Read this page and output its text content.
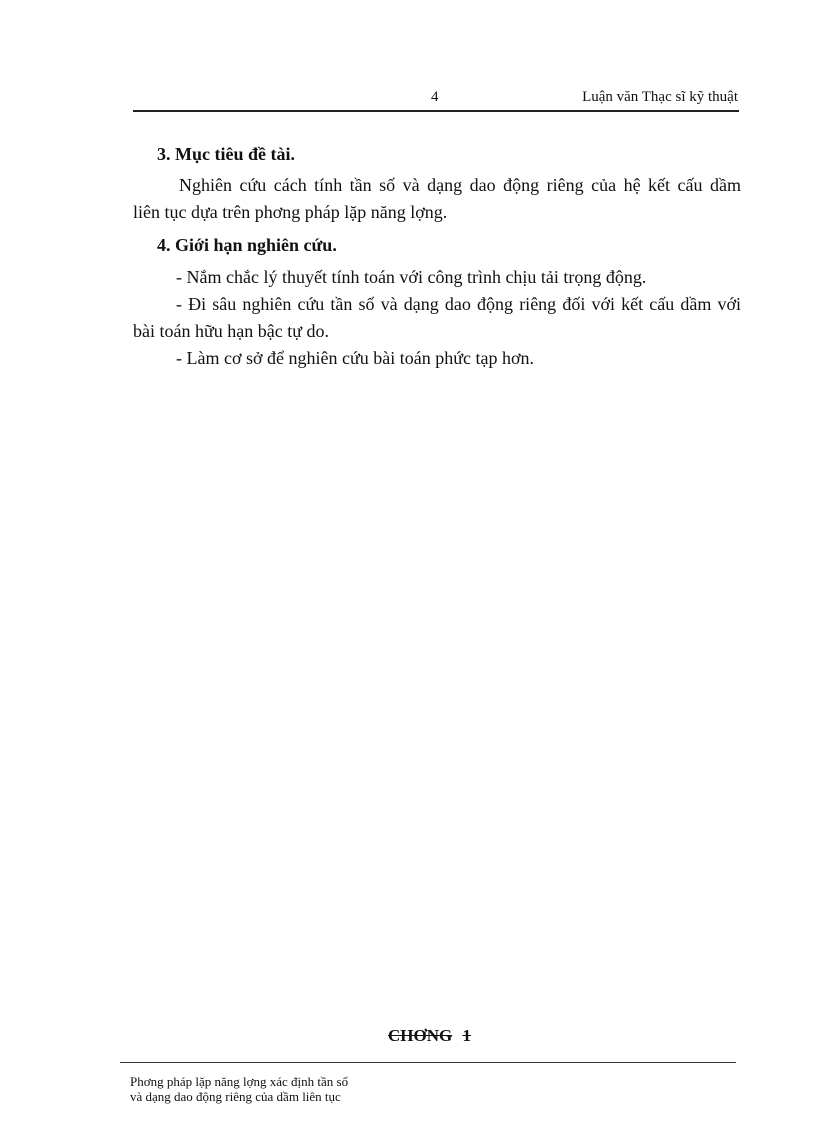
4	Luận văn Thạc sĩ kỹ thuật
3. Mục tiêu đề tài.
Nghiên cứu cách tính tần số và dạng dao động riêng của hệ kết cấu dầm
liên tục dựa trên phơng pháp lặp năng lợng.
4. Giới hạn nghiên cứu.
- Nắm chắc lý thuyết tính toán với công trình chịu tải trọng động.
- Đi sâu nghiên cứu tần số và dạng dao động riêng đối với kết cấu dầm với
bài toán hữu hạn bậc tự do.
- Làm cơ sở để nghiên cứu bài toán phức tạp hơn.
CHƠNG 1
Phơng pháp lặp năng lợng xác định tần số
và dạng dao động riêng của dầm liên tục
